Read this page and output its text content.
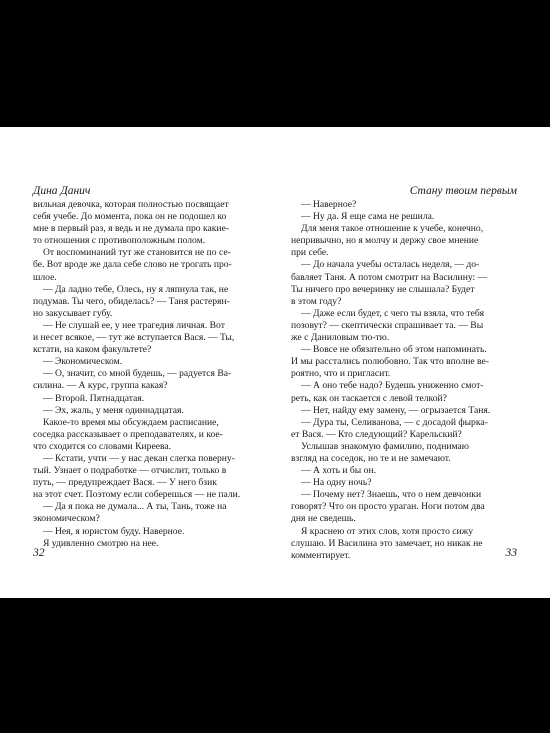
Дина Данич
вильная девочка, которая полностью посвящает
себя учебе. До момента, пока он не подошел ко
мне в первый раз, я ведь и не думала про какие-
то отношения с противоположным полом.
От воспоминаний тут же становится не по се-
бе. Вот вроде же дала себе слово не трогать про-
шлое.
— Да ладно тебе, Олесь, ну я ляпнула так, не
подумав. Ты чего, обиделась? — Таня растерян-
но закусывает губу.
— Не слушай ее, у нее трагедия личная. Вот
и несет всякое, — тут же вступается Вася. — Ты,
кстати, на каком факультете?
— Экономическом.
— О, значит, со мной будешь, — радуется Ва-
силина. — А курс, группа какая?
— Второй. Пятнадцатая.
— Эх, жаль, у меня одиннадцатая.
Какое-то время мы обсуждаем расписание,
соседка рассказывает о преподавателях, и кое-
что сходится со словами Киреева.
— Кстати, учти — у нас декан слегка поверну-
тый. Узнает о подработке — отчислит, только в
путь, — предупреждает Вася. — У него бзик
на этот счет. Поэтому если соберешься — не пали.
— Да я пока не думала... А ты, Тань, тоже на
экономическом?
— Нея, я юристом буду. Наверное.
Я удивленно смотрю на нее.
32
Стану твоим первым
— Наверное?
— Ну да. Я еще сама не решила.
Для меня такое отношение к учебе, конечно,
непривычно, но я молчу и держу свое мнение
при себе.
— До начала учебы осталась неделя, — до-
бавляет Таня. А потом смотрит на Василину: —
Ты ничего про вечеринку не слышала? Будет
в этом году?
— Даже если будет, с чего ты взяла, что тебя
позовут? — скептически спрашивает та. — Вы
же с Даниловым тю-тю.
— Вовсе не обязательно об этом напоминать.
И мы расстались полюбовно. Так что вполне ве-
роятно, что и пригласит.
— А оно тебе надо? Будешь униженно смот-
реть, как он таскается с левой телкой?
— Нет, найду ему замену, — огрызается Таня.
— Дура ты, Селиванова, — с досадой фырка-
ет Вася. — Кто следующий? Карельский?
Услышав знакомую фамилию, поднимаю
взгляд на соседок, но те и не замечают.
— А хоть и бы он.
— На одну ночь?
— Почему нет? Знаешь, что о нем девчонки
говорят? Что он просто ураган. Ноги потом два
дня не сведешь.
Я краснею от этих слов, хотя просто сижу
слушаю. И Василина это замечает, но никак не
комментирует.	33
